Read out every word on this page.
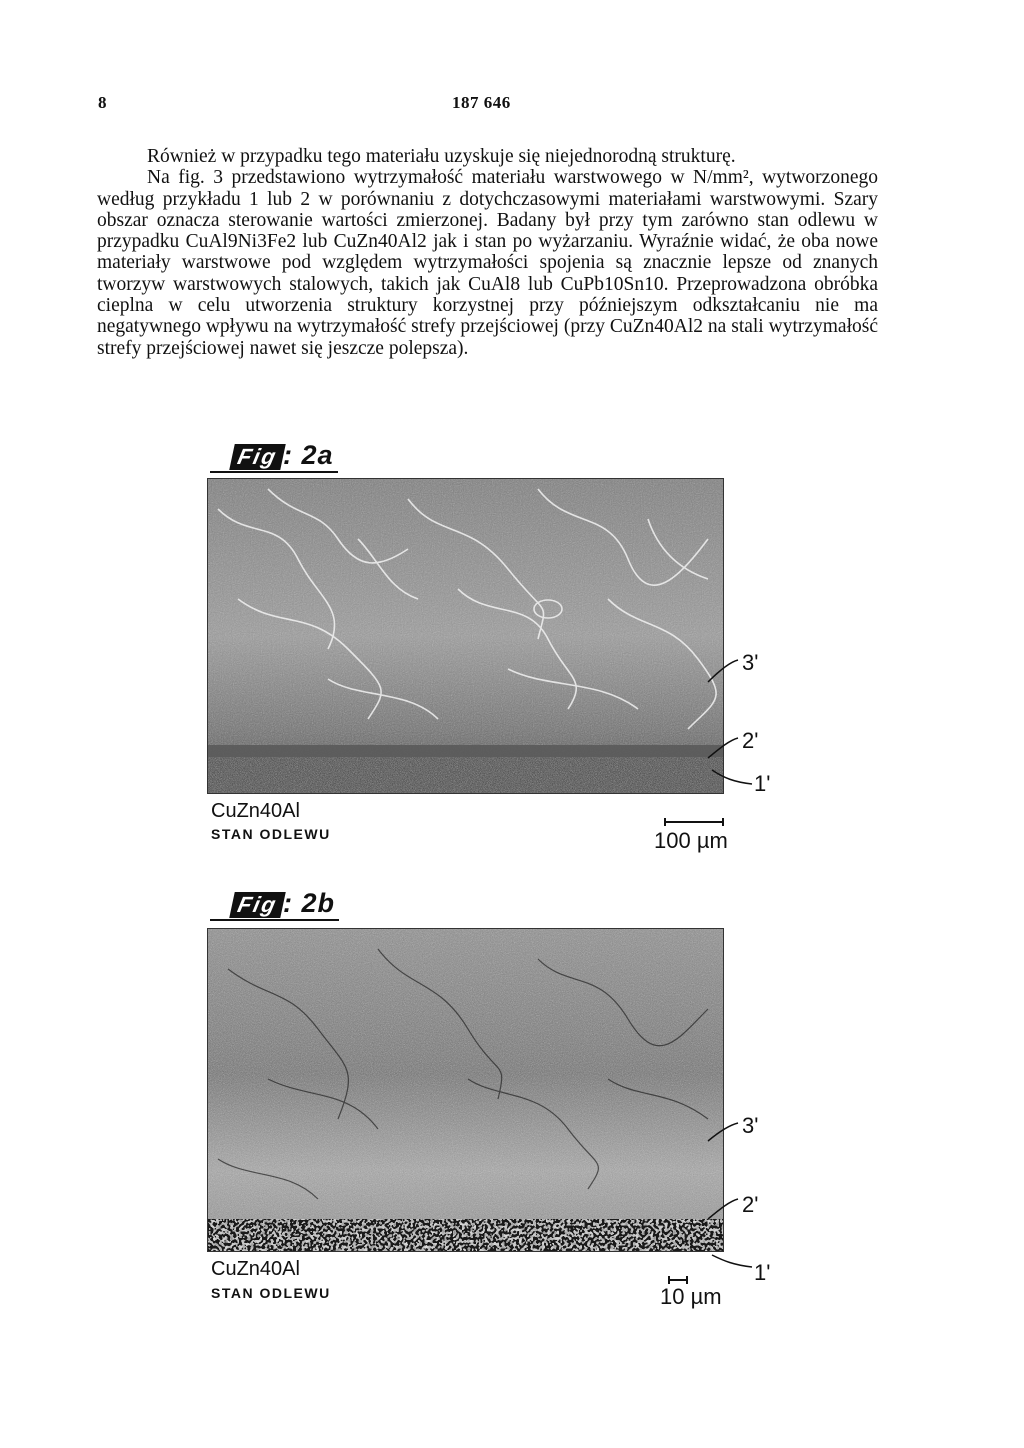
8	187 646

Również w przypadku tego materiału uzyskuje się niejednorodną strukturę.

Na fig. 3 przedstawiono wytrzymałość materiału warstwowego w N/mm², wytworzonego według przykładu 1 lub 2 w porównaniu z dotychczasowymi materiałami warstwowymi. Szary obszar oznacza sterowanie wartości zmierzonej. Badany był przy tym zarówno stan odlewu w przypadku CuAl9Ni3Fe2 lub CuZn40Al2 jak i stan po wyżarzaniu. Wyraźnie widać, że oba nowe materiały warstwowe pod względem wytrzymałości spojenia są znacznie lepsze od znanych tworzyw warstwowych stalowych, takich jak CuAl8 lub CuPb10Sn10. Przeprowadzona obróbka cieplna w celu utworzenia struktury korzystnej przy późniejszym odkształcaniu nie ma negatywnego wpływu na wytrzymałość strefy przejściowej (przy CuZn40Al2 na stali wytrzymałość strefy przejściowej nawet się jeszcze polepsza).

Fig : 2a
3'
2'
1'
CuZn40Al
STAN ODLEWU	100 µm
Fig : 2b
3'
2'
1'
CuZn40Al
STAN ODLEWU	10 µm
